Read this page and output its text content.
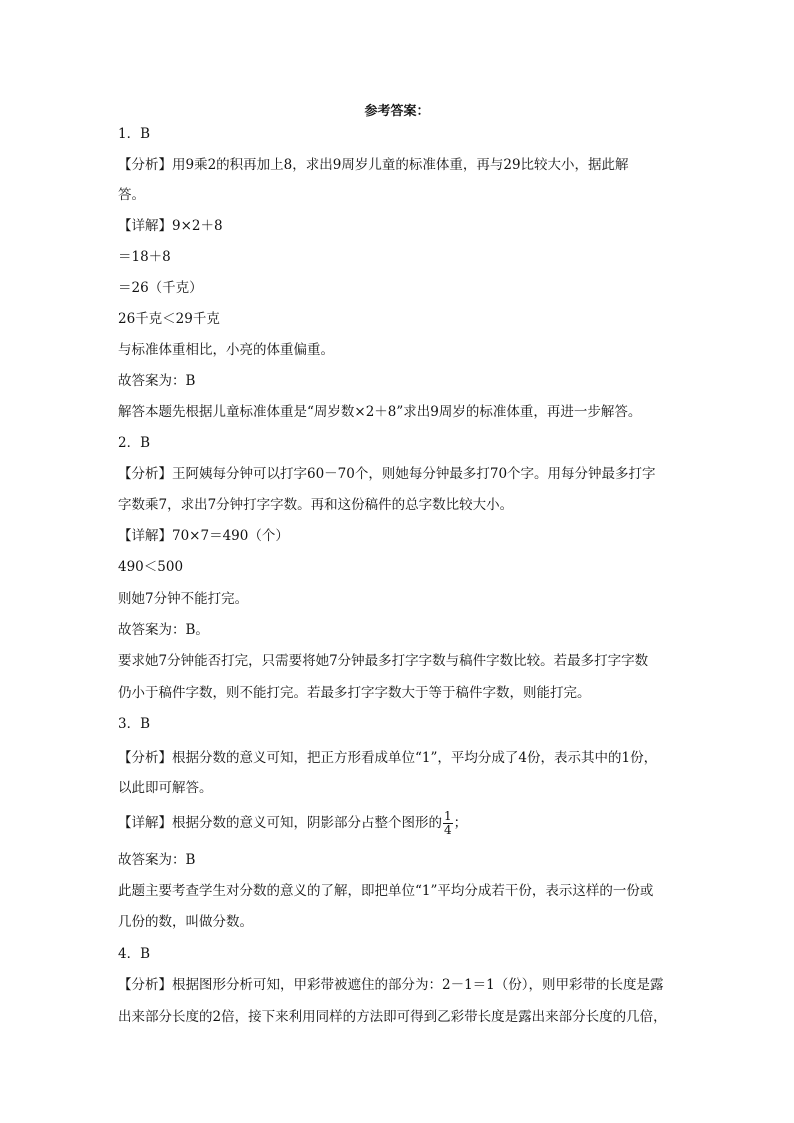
参考答案：
1．B
【分析】用9乘2的积再加上8，求出9周岁儿童的标准体重，再与29比较大小，据此解
答。
【详解】9×2＋8
＝18＋8
＝26（千克）
26千克＜29千克
与标准体重相比，小亮的体重偏重。
故答案为：B
解答本题先根据儿童标准体重是“周岁数×2＋8”求出9周岁的标准体重，再进一步解答。
2．B
【分析】王阿姨每分钟可以打字60－70个，则她每分钟最多打70个字。用每分钟最多打字
字数乘7，求出7分钟打字字数。再和这份稿件的总字数比较大小。
【详解】70×7＝490（个）
490＜500
则她7分钟不能打完。
故答案为：B。
要求她7分钟能否打完，只需要将她7分钟最多打字字数与稿件字数比较。若最多打字字数
仍小于稿件字数，则不能打完。若最多打字字数大于等于稿件字数，则能打完。
3．B
【分析】根据分数的意义可知，把正方形看成单位“1”，平均分成了4份，表示其中的1份，
以此即可解答。
【详解】根据分数的意义可知，阴影部分占整个图形的 $\frac{1}{4}$ ；
故答案为：B
此题主要考查学生对分数的意义的了解，即把单位“1”平均分成若干份，表示这样的一份或
几份的数，叫做分数。
4．B
【分析】根据图形分析可知，甲彩带被遮住的部分为：2－1＝1（份），则甲彩带的长度是露
出来部分长度的2倍，接下来利用同样的方法即可得到乙彩带长度是露出来部分长度的几倍，
